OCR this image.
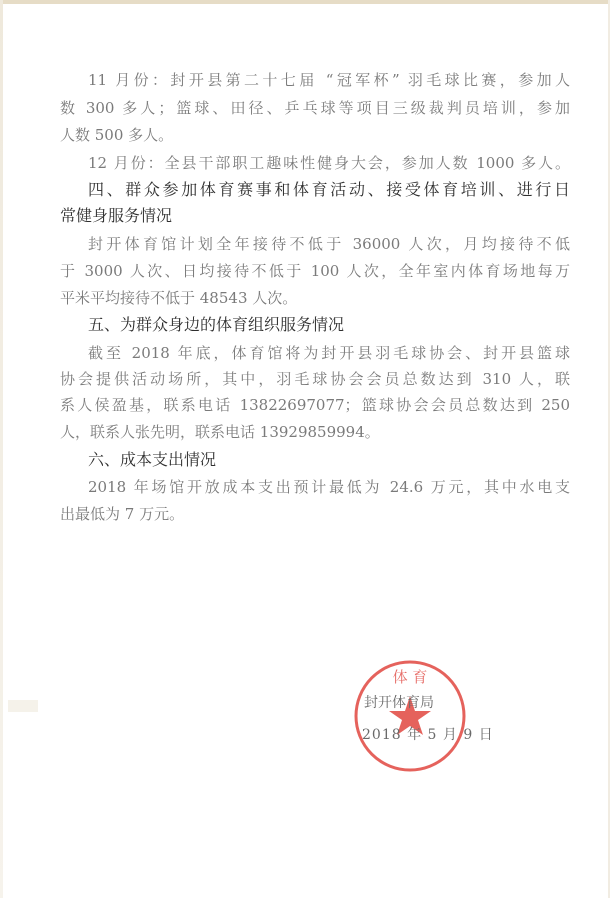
11 月份：封开县第二十七届 “冠军杯” 羽毛球比赛，参加人
数 300 多人；篮球、田径、乒乓球等项目三级裁判员培训，参加
人数 500 多人。
12 月份：全县干部职工趣味性健身大会，参加人数 1000 多人。
四、群众参加体育赛事和体育活动、接受体育培训、进行日
常健身服务情况
封开体育馆计划全年接待不低于 36000 人次，月均接待不低
于 3000 人次、日均接待不低于 100 人次，全年室内体育场地每万
平米平均接待不低于 48543 人次。
五、为群众身边的体育组织服务情况
截至 2018 年底，体育馆将为封开县羽毛球协会、封开县篮球
协会提供活动场所，其中，羽毛球协会会员总数达到 310 人，联
系人侯盈基，联系电话 13822697077；篮球协会会员总数达到 250
人，联系人张先明，联系电话 13929859994。
六、成本支出情况
2018 年场馆开放成本支出预计最低为 24.6 万元，其中水电支
出最低为 7 万元。
体 育
封开体育局
2018 年 5 月 9 日
